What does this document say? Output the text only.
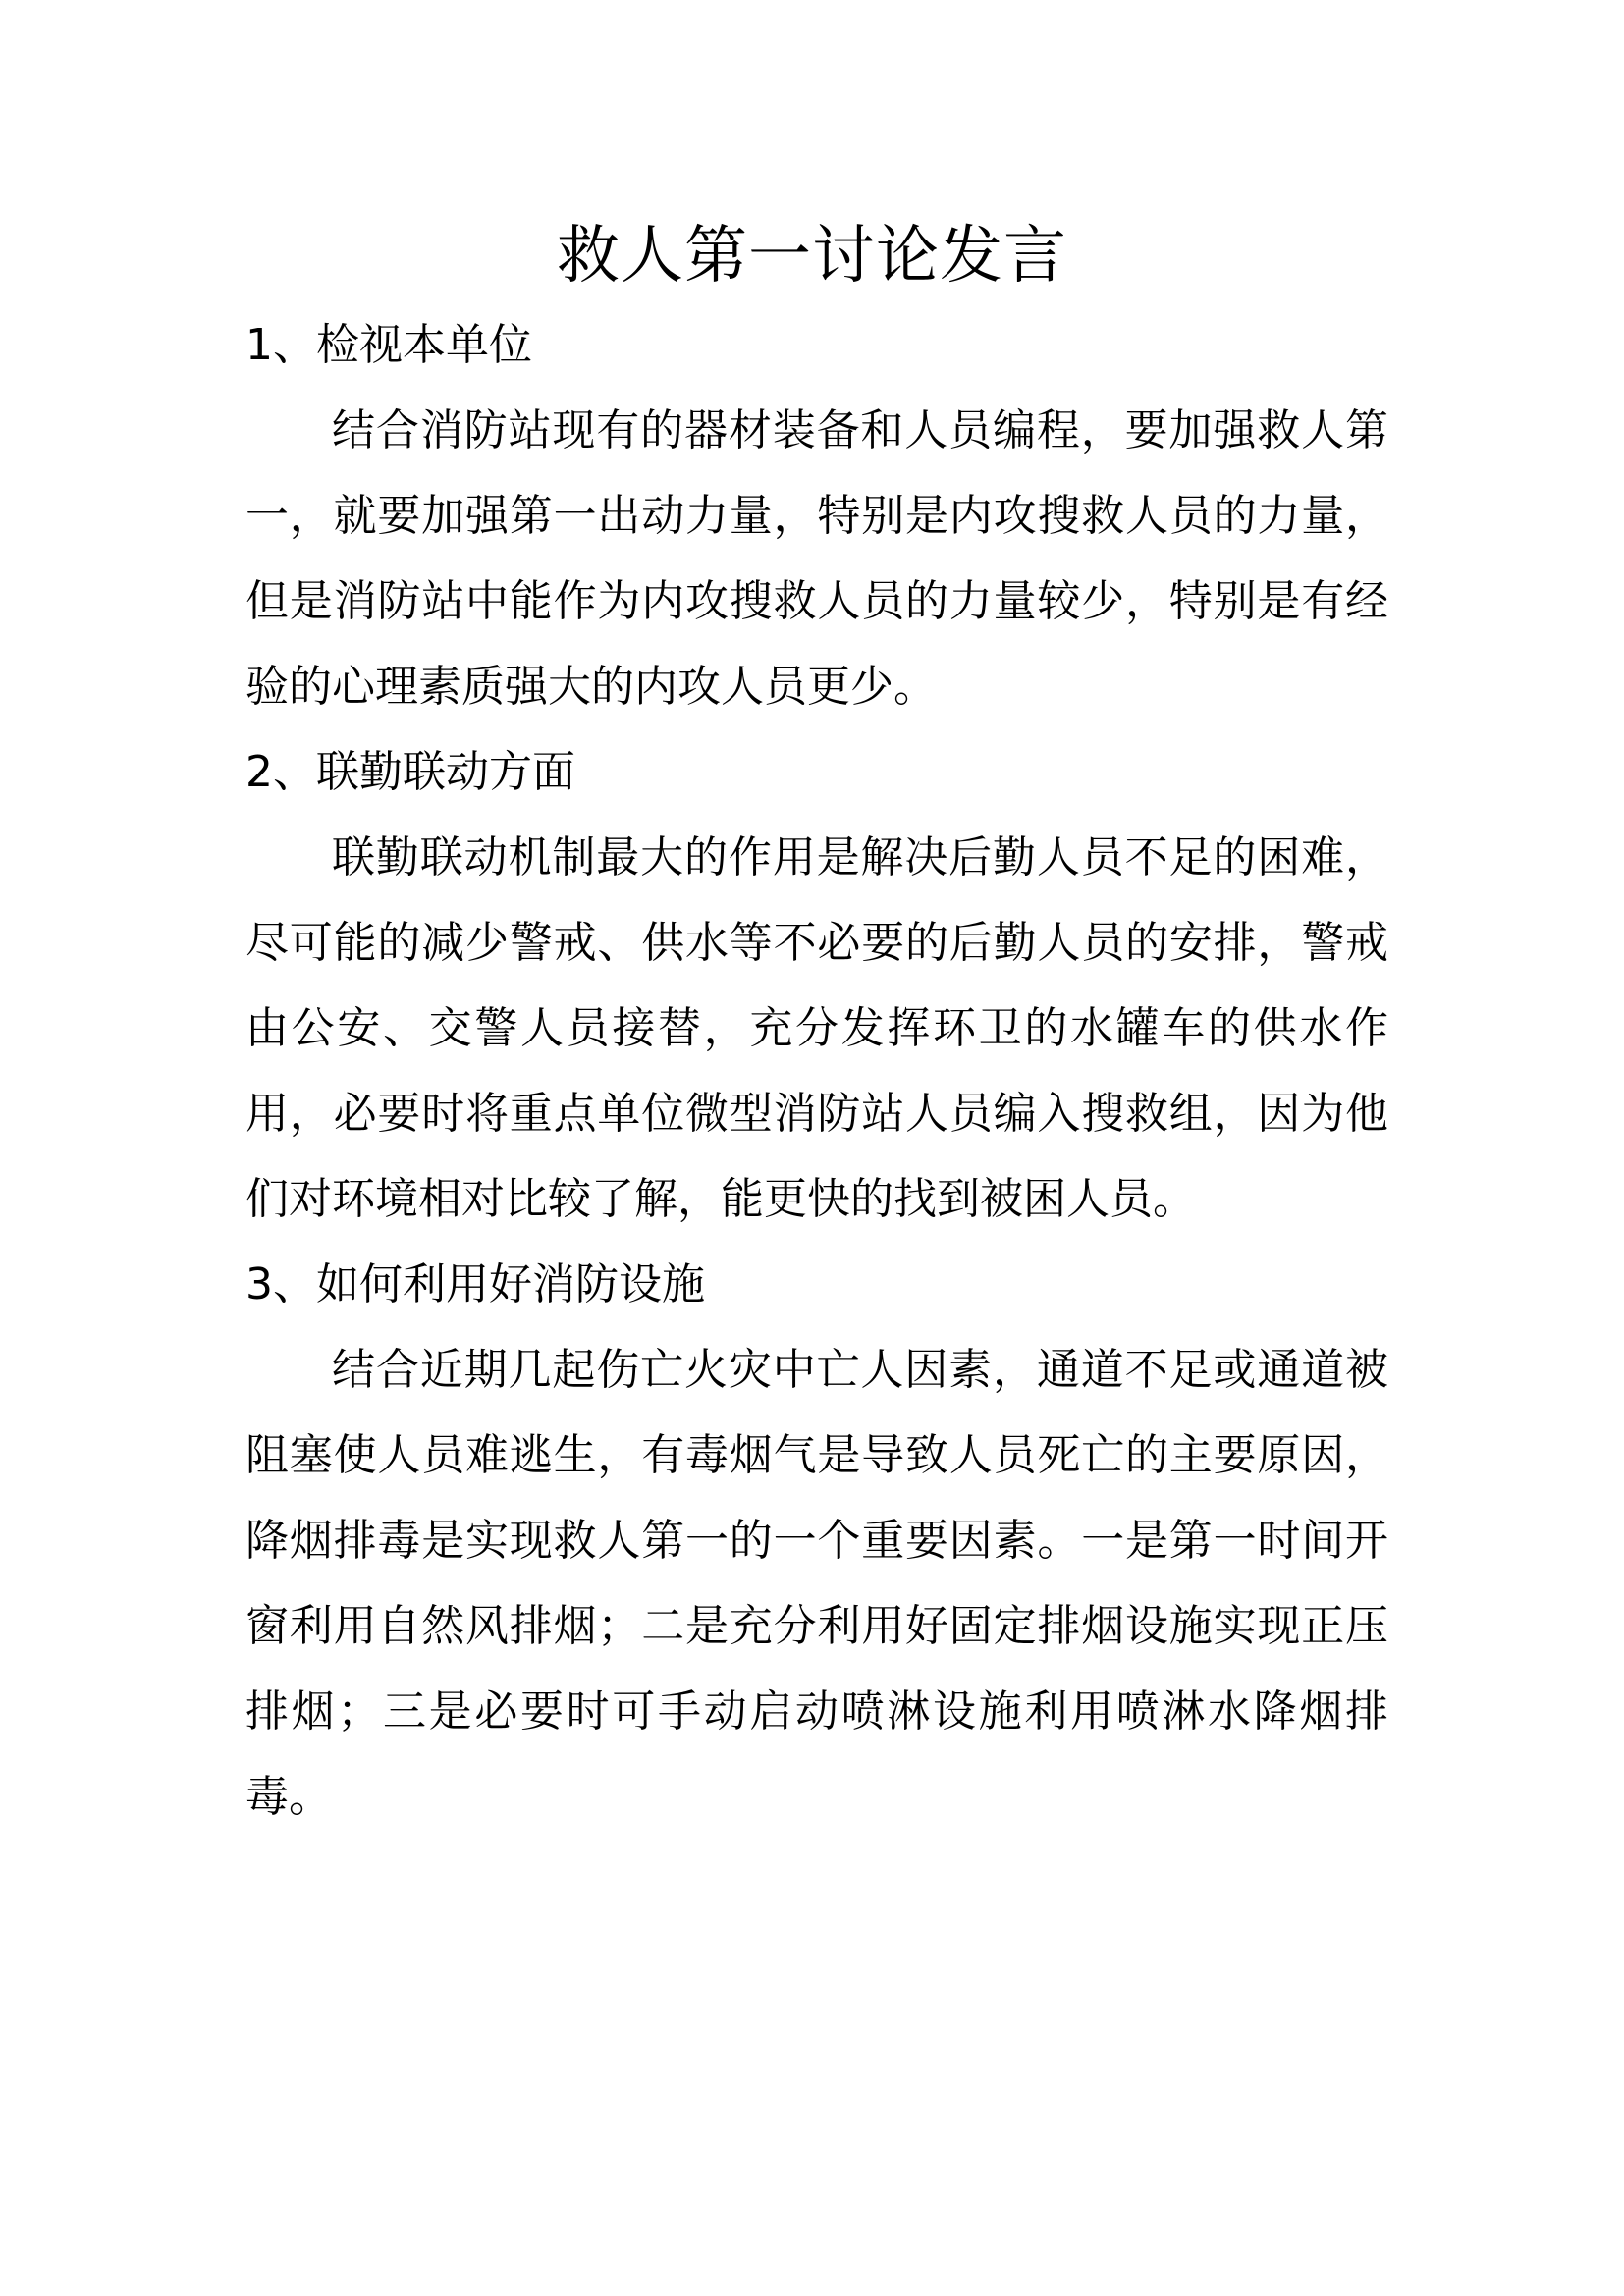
救人第一讨论发言
1、检视本单位

结合消防站现有的器材装备和人员编程，要加强救人第一，就要加强第一出动力量，特别是内攻搜救人员的力量，但是消防站中能作为内攻搜救人员的力量较少，特别是有经验的心理素质强大的内攻人员更少。

2、联勤联动方面

联勤联动机制最大的作用是解决后勤人员不足的困难，尽可能的减少警戒、供水等不必要的后勤人员的安排，警戒由公安、交警人员接替，充分发挥环卫的水罐车的供水作用，必要时将重点单位微型消防站人员编入搜救组，因为他们对环境相对比较了解，能更快的找到被困人员。

3、如何利用好消防设施

结合近期几起伤亡火灾中亡人因素，通道不足或通道被阻塞使人员难逃生，有毒烟气是导致人员死亡的主要原因，降烟排毒是实现救人第一的一个重要因素。一是第一时间开窗利用自然风排烟；二是充分利用好固定排烟设施实现正压排烟；三是必要时可手动启动喷淋设施利用喷淋水降烟排毒。
